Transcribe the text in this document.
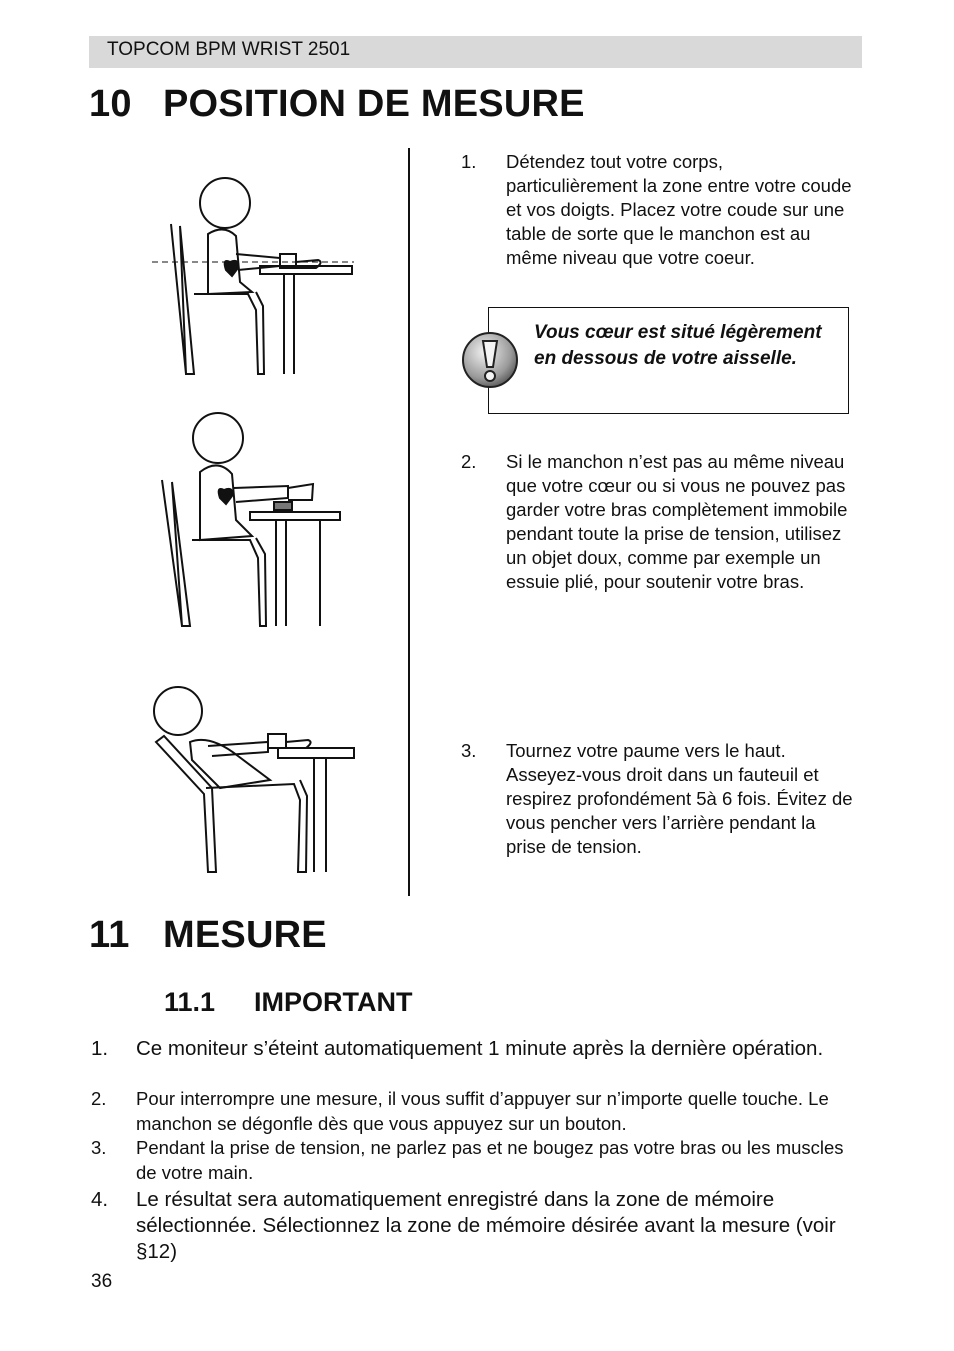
TOPCOM BPM WRIST 2501
10 POSITION DE MESURE
1. Détendez tout votre corps, particulièrement la zone entre votre coude et vos doigts. Placez votre coude sur une table de sorte que le manchon est au même niveau que votre coeur.
Vous cœur est situé légèrement en dessous de votre aisselle.
2. Si le manchon n’est pas au même niveau que votre cœur ou si vous ne pouvez pas garder votre bras complètement immobile pendant toute la prise de tension, utilisez un objet doux, comme par exemple un essuie plié, pour soutenir votre bras.
3. Tournez votre paume vers le haut. Asseyez-vous droit dans un fauteuil et respirez profondément 5à 6 fois. Évitez de vous pencher vers l’arrière pendant la prise de tension.
11 MESURE
11.1 IMPORTANT
1. Ce moniteur s’éteint automatiquement 1 minute après la dernière opération.
2. Pour interrompre une mesure, il vous suffit d’appuyer sur n’importe quelle touche. Le manchon se dégonfle dès que vous appuyez sur un bouton.
3. Pendant la prise de tension, ne parlez pas et ne bougez pas votre bras ou les muscles de votre main.
4. Le résultat sera automatiquement enregistré dans la zone de mémoire sélectionnée. Sélectionnez la zone de mémoire désirée avant la mesure (voir §12)
36
